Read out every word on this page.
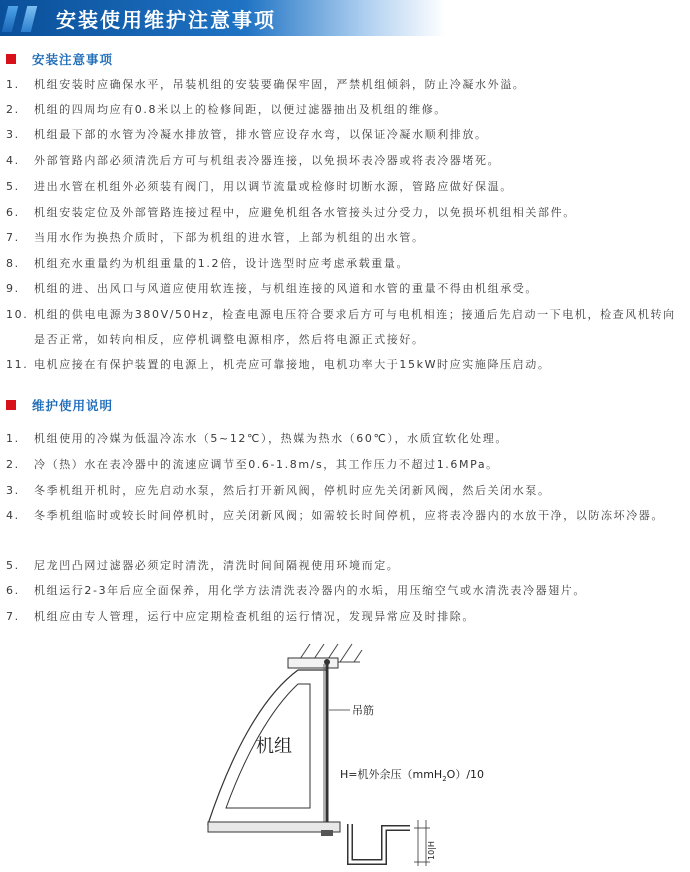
安装使用维护注意事项
安装注意事项
1.	机组安装时应确保水平，吊装机组的安装要确保牢固，严禁机组倾斜，防止冷凝水外溢。
2.	机组的四周均应有0.8米以上的检修间距，以便过滤器抽出及机组的维修。
3.	机组最下部的水管为冷凝水排放管，排水管应设存水弯，以保证冷凝水顺利排放。
4.	外部管路内部必须清洗后方可与机组表冷器连接，以免损坏表冷器或将表冷器堵死。
5.	进出水管在机组外必须装有阀门，用以调节流量或检修时切断水源，管路应做好保温。
6.	机组安装定位及外部管路连接过程中，应避免机组各水管接头过分受力，以免损坏机组相关部件。
7.	当用水作为换热介质时，下部为机组的进水管，上部为机组的出水管。
8.	机组充水重量约为机组重量的1.2倍，设计选型时应考虑承载重量。
9.	机组的进、出风口与风道应使用软连接，与机组连接的风道和水管的重量不得由机组承受。
10. 机组的供电电源为380V/50Hz，检查电源电压符合要求后方可与电机相连；接通后先启动一下电机，检查风机转向是否正常，如转向相反，应停机调整电源相序，然后将电源正式接好。
11. 电机应接在有保护装置的电源上，机壳应可靠接地，电机功率大于15kW时应实施降压启动。
维护使用说明
1.	机组使用的冷媒为低温冷冻水（5~12℃），热媒为热水（60℃），水质宜软化处理。
2.	冷（热）水在表冷器中的流速应调节至0.6-1.8m/s，其工作压力不超过1.6MPa。
3.	冬季机组开机时，应先启动水泵，然后打开新风阀，停机时应先关闭新风阀，然后关闭水泵。
4.	冬季机组临时或较长时间停机时，应关闭新风阀；如需较长时间停机，应将表冷器内的水放干净，以防冻坏冷器。
5.	尼龙凹凸网过滤器必须定时清洗，清洗时间间隔视使用环境而定。
6.	机组运行2-3年后应全面保养，用化学方法清洗表冷器内的水垢，用压缩空气或水清洗表冷器翅片。
7.	机组应由专人管理，运行中应定期检查机组的运行情况，发现异常应及时排除。
机组
吊筋
H=机外余压（mmH$_2$O）/10
10|H
